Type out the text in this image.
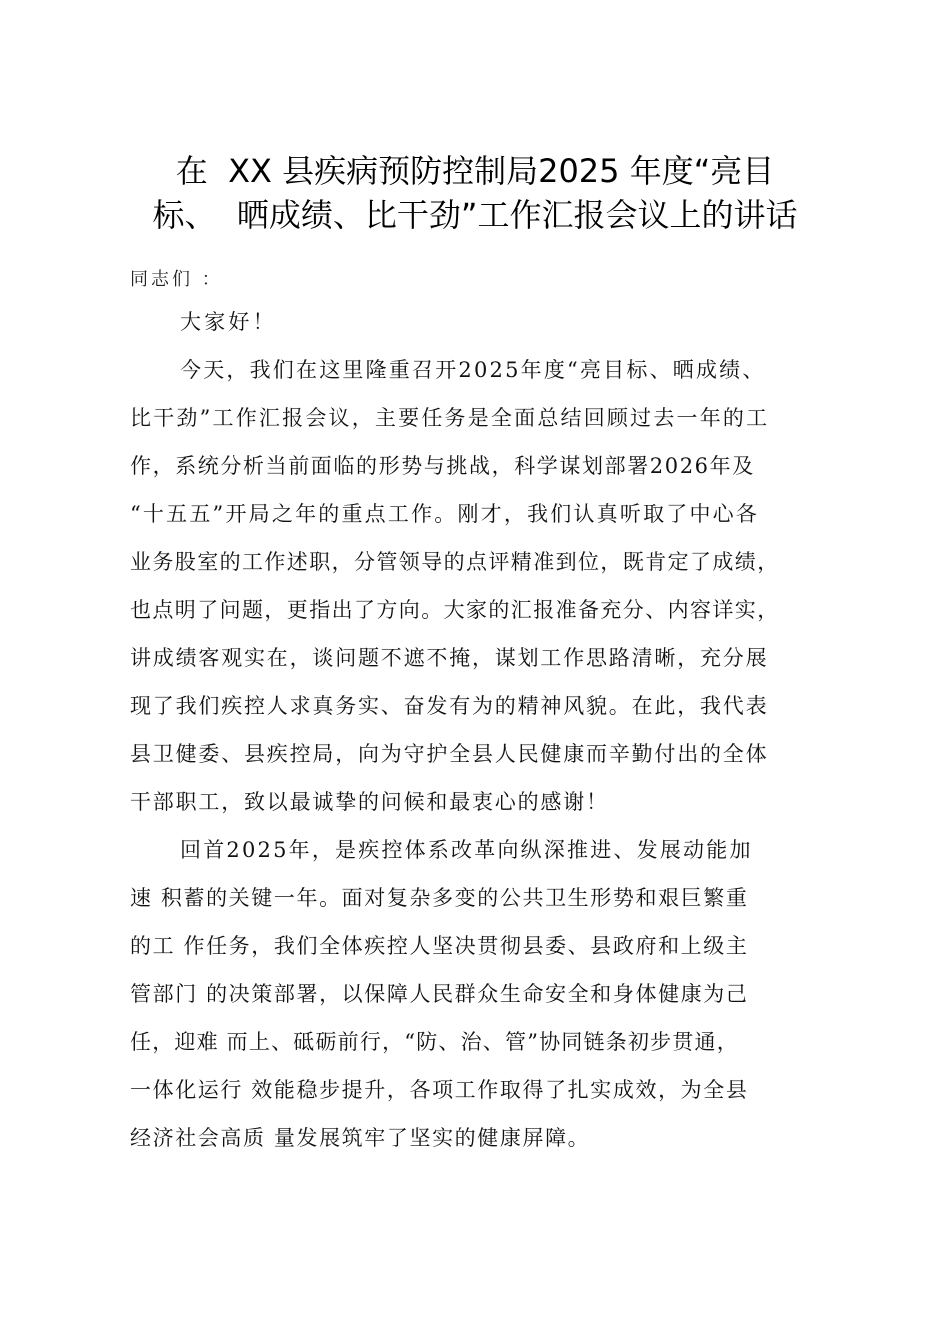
在  XX 县疾病预防控制局2025 年度“亮目
标、  晒成绩、比干劲”工作汇报会议上的讲话
同志们 ：
大家好！
今天，我们在这里隆重召开2025年度“亮目标、晒成绩、
比干劲”工作汇报会议，主要任务是全面总结回顾过去一年的工
作，系统分析当前面临的形势与挑战，科学谋划部署2026年及
“十五五”开局之年的重点工作。刚才，我们认真听取了中心各
业务股室的工作述职，分管领导的点评精准到位，既肯定了成绩，
也点明了问题，更指出了方向。大家的汇报准备充分、内容详实，
讲成绩客观实在，谈问题不遮不掩，谋划工作思路清晰，充分展
现了我们疾控人求真务实、奋发有为的精神风貌。在此，我代表
县卫健委、县疾控局，向为守护全县人民健康而辛勤付出的全体
干部职工，致以最诚挚的问候和最衷心的感谢！
回首2025年，是疾控体系改革向纵深推进、发展动能加
速 积蓄的关键一年。面对复杂多变的公共卫生形势和艰巨繁重
的工 作任务，我们全体疾控人坚决贯彻县委、县政府和上级主
管部门 的决策部署，以保障人民群众生命安全和身体健康为己
任，迎难 而上、砥砺前行，“防、治、管”协同链条初步贯通，
一体化运行 效能稳步提升，各项工作取得了扎实成效，为全县
经济社会高质 量发展筑牢了坚实的健康屏障。
